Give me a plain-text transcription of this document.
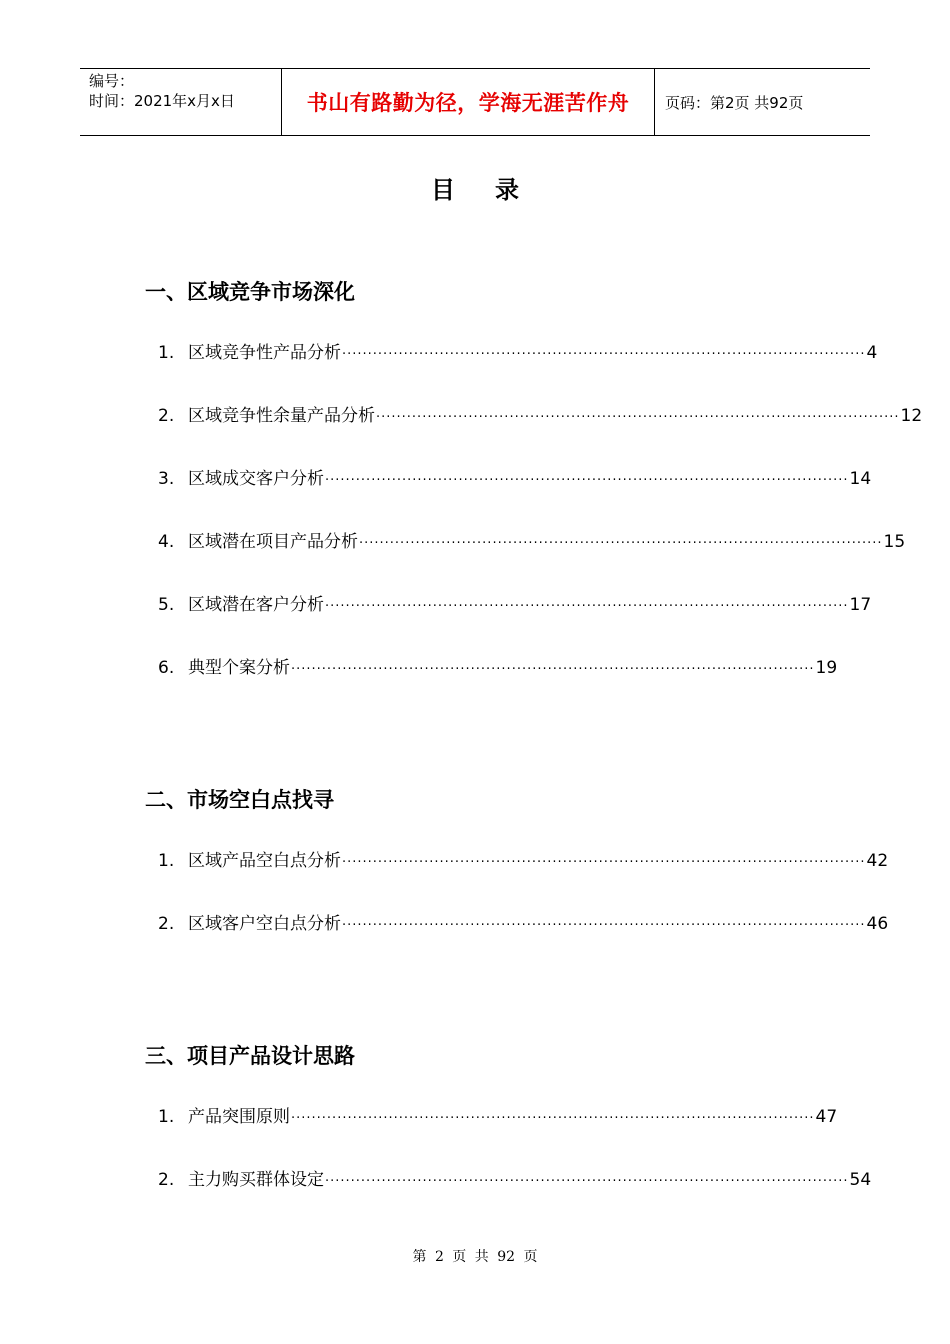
编号：
时间：2021年x月x日	书山有路勤为径，学海无涯苦作舟	页码：第2页 共92页
目 录
一、区域竞争市场深化
1. 区域竞争性产品分析 ······································································································ 4
2. 区域竞争性余量产品分析 ······································································································ 12
3. 区域成交客户分析 ······································································································ 14
4. 区域潜在项目产品分析 ······································································································ 15
5. 区域潜在客户分析 ······································································································ 17
6. 典型个案分析 ······································································································ 19
二、市场空白点找寻
1. 区域产品空白点分析 ······································································································ 42
2. 区域客户空白点分析 ······································································································ 46
三、项目产品设计思路
1. 产品突围原则 ······································································································ 47
2. 主力购买群体设定 ······································································································ 54
第 2 页 共 92 页
